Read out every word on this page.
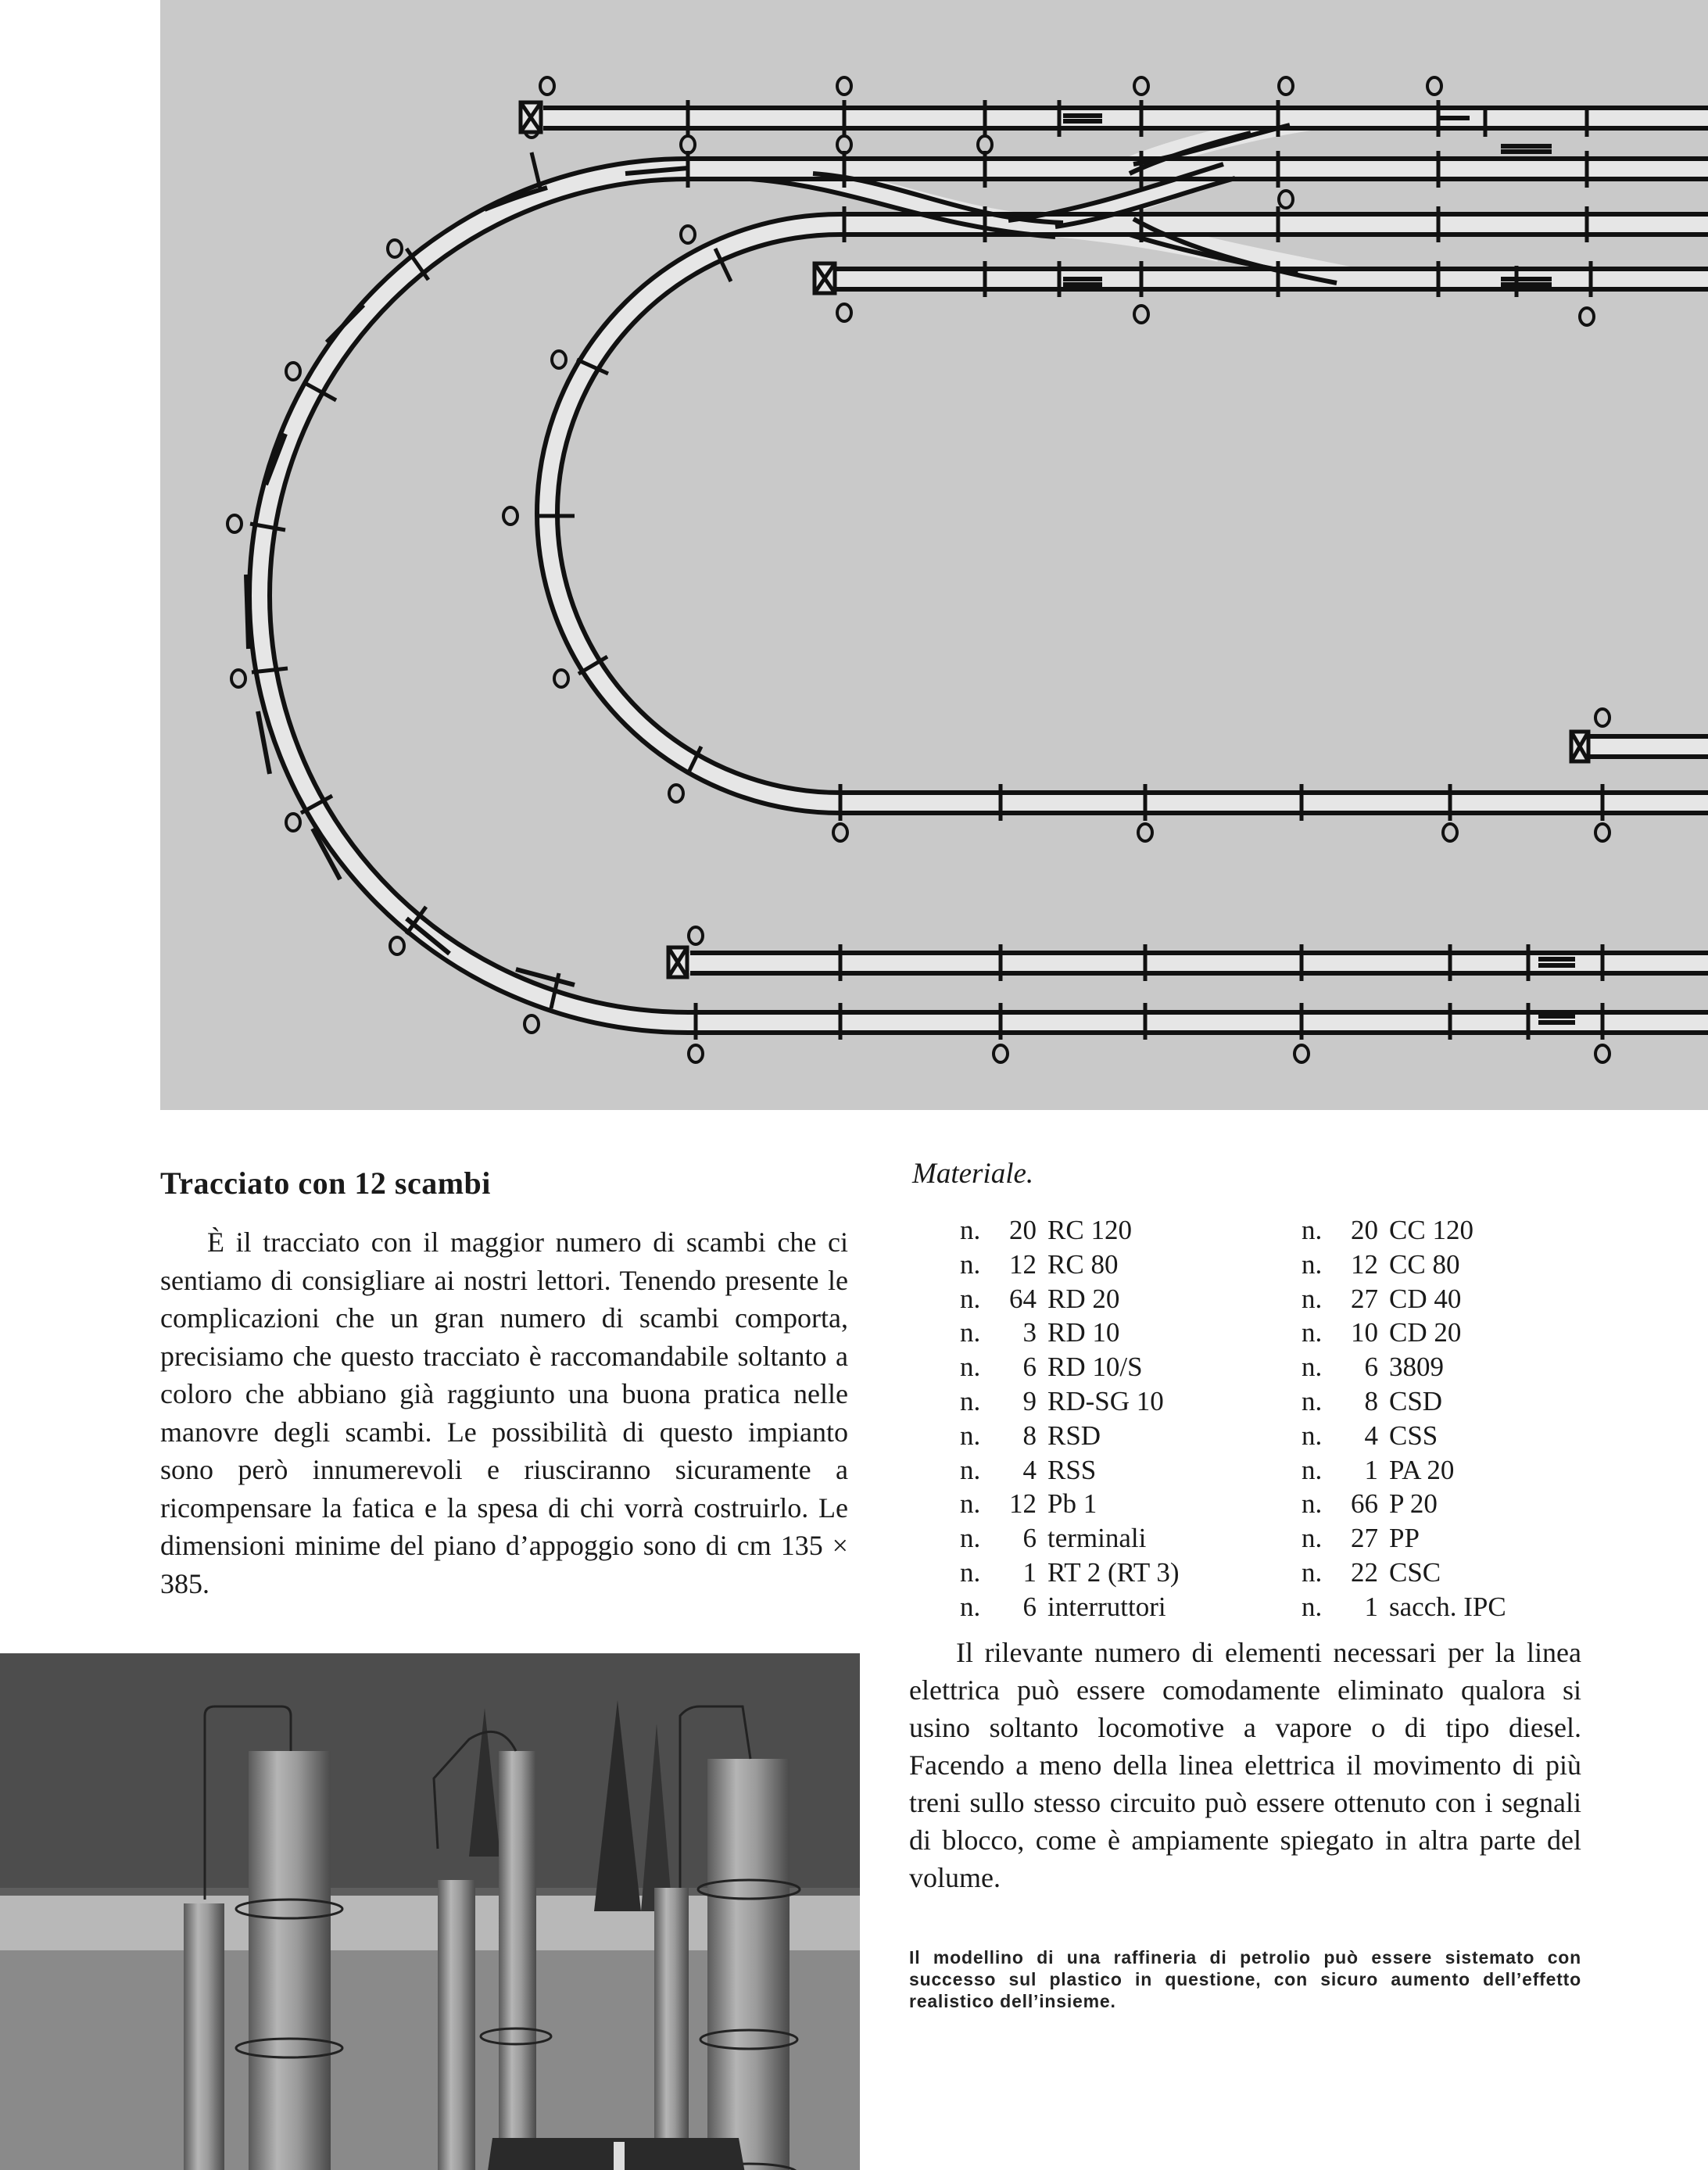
Tracciato con 12 scambi

È il tracciato con il maggior numero di scambi che ci sentiamo di consigliare ai nostri lettori. Tenendo presente le complicazioni che un gran numero di scambi comporta, precisiamo che questo tracciato è raccomandabile soltanto a coloro che abbiano già raggiunto una buona pratica nelle manovre degli scambi. Le possibilità di questo impianto sono però innumerevoli e riusciranno sicuramente a ricompensare la fatica e la spesa di chi vorrà costruirlo. Le dimensioni minime del piano d’appoggio sono di cm 135 × 385.

Materiale.
n.	20 RC 120	n.	20 CC 120
n.	12 RC 80	n.	12 CC 80
n.	64 RD 20	n.	27 CD 40
n.	3 RD 10	n.	10 CD 20
n.	6 RD 10/S	n.	6 3809
n.	9 RD-SG 10	n.	8 CSD
n.	8 RSD	n.	4 CSS
n.	4 RSS	n.	1 PA 20
n.	12 Pb 1	n.	66 P 20
n.	6 terminali	n.	27 PP
n.	1 RT 2 (RT 3)	n.	22 CSC
n.	6 interruttori	n.	1 sacch. IPC

Il rilevante numero di elementi necessari per la linea elettrica può essere comodamente eliminato qualora si usino soltanto locomotive a vapore o di tipo diesel. Facendo a meno della linea elettrica il movimento di più treni sullo stesso circuito può essere ottenuto con i segnali di blocco, come è ampiamente spiegato in altra parte del volume.

Il modellino di una raffineria di petrolio può essere sistemato con successo sul plastico in questione, con sicuro aumento dell’effetto realistico dell’insieme.
